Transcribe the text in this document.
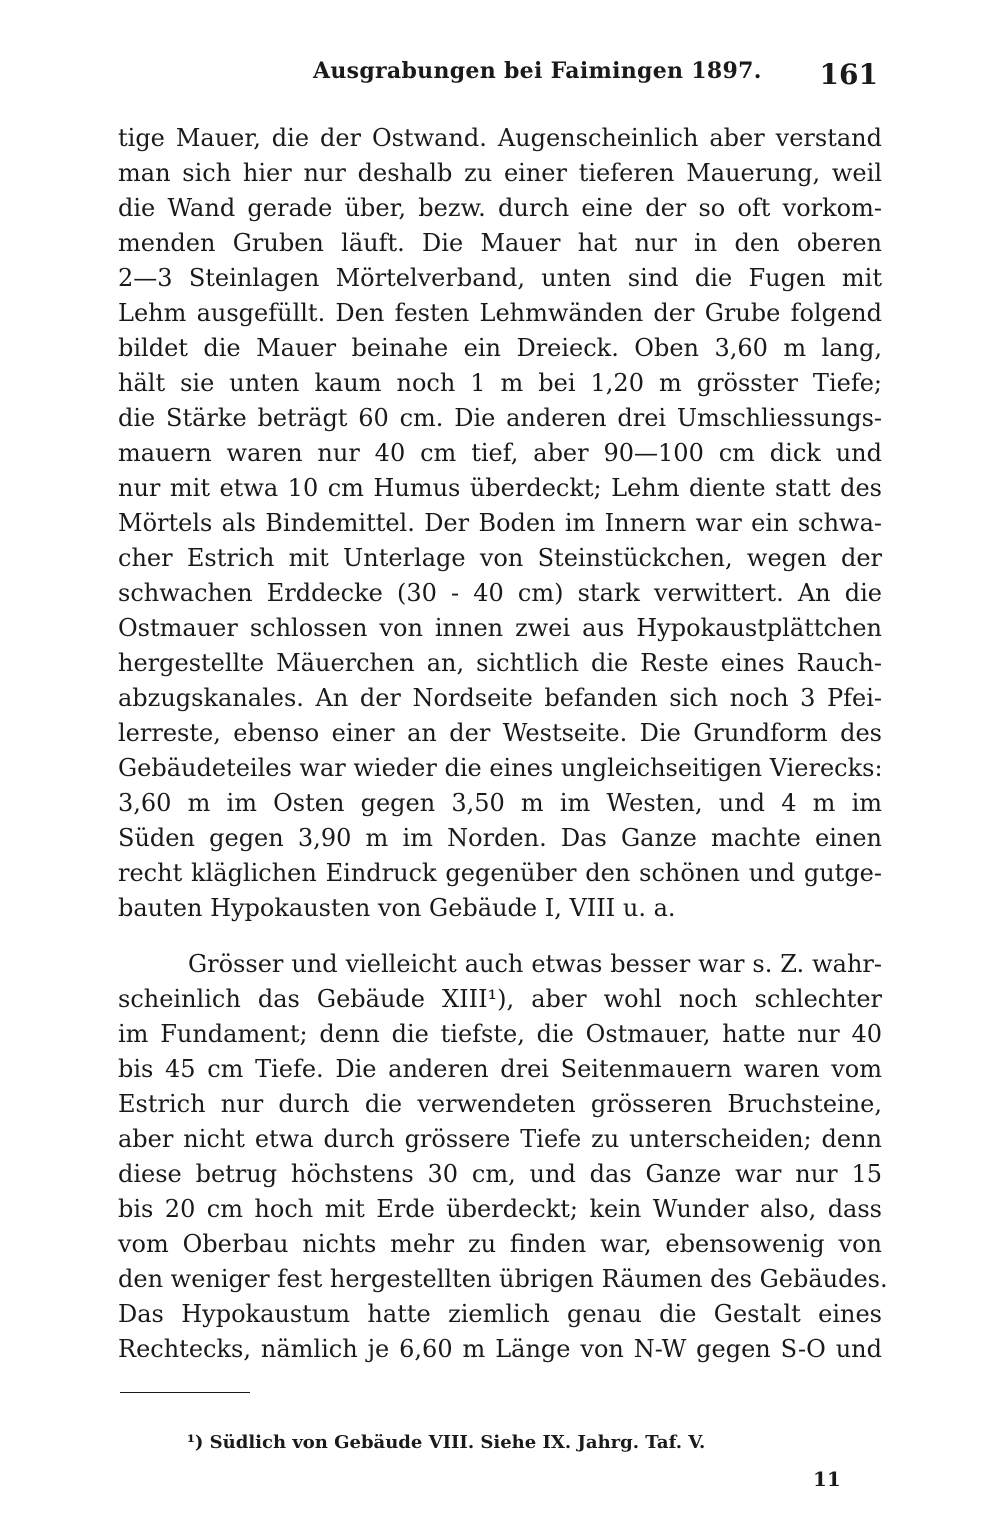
Ausgrabungen bei Faimingen 1897. 161
tige Mauer, die der Ostwand. Augenscheinlich aber verstand
man sich hier nur deshalb zu einer tieferen Mauerung, weil
die Wand gerade über, bezw. durch eine der so oft vorkom-
menden Gruben läuft. Die Mauer hat nur in den oberen
2—3 Steinlagen Mörtelverband, unten sind die Fugen mit
Lehm ausgefüllt. Den festen Lehmwänden der Grube folgend
bildet die Mauer beinahe ein Dreieck. Oben 3,60 m lang,
hält sie unten kaum noch 1 m bei 1,20 m grösster Tiefe;
die Stärke beträgt 60 cm. Die anderen drei Umschliessungs-
mauern waren nur 40 cm tief, aber 90—100 cm dick und
nur mit etwa 10 cm Humus überdeckt; Lehm diente statt des
Mörtels als Bindemittel. Der Boden im Innern war ein schwa-
cher Estrich mit Unterlage von Steinstückchen, wegen der
schwachen Erddecke (30 - 40 cm) stark verwittert. An die
Ostmauer schlossen von innen zwei aus Hypokaustplättchen
hergestellte Mäuerchen an, sichtlich die Reste eines Rauch-
abzugskanales. An der Nordseite befanden sich noch 3 Pfei-
lerreste, ebenso einer an der Westseite. Die Grundform des
Gebäudeteiles war wieder die eines ungleichseitigen Vierecks:
3,60 m im Osten gegen 3,50 m im Westen, und 4 m im
Süden gegen 3,90 m im Norden. Das Ganze machte einen
recht kläglichen Eindruck gegenüber den schönen und gutge-
bauten Hypokausten von Gebäude I, VIII u. a.
Grösser und vielleicht auch etwas besser war s. Z. wahr-
scheinlich das Gebäude XIII¹), aber wohl noch schlechter
im Fundament; denn die tiefste, die Ostmauer, hatte nur 40
bis 45 cm Tiefe. Die anderen drei Seitenmauern waren vom
Estrich nur durch die verwendeten grösseren Bruchsteine,
aber nicht etwa durch grössere Tiefe zu unterscheiden; denn
diese betrug höchstens 30 cm, und das Ganze war nur 15
bis 20 cm hoch mit Erde überdeckt; kein Wunder also, dass
vom Oberbau nichts mehr zu finden war, ebensowenig von
den weniger fest hergestellten übrigen Räumen des Gebäudes.
Das Hypokaustum hatte ziemlich genau die Gestalt eines
Rechtecks, nämlich je 6,60 m Länge von N-W gegen S-O und
¹) Südlich von Gebäude VIII. Siehe IX. Jahrg. Taf. V.
11
